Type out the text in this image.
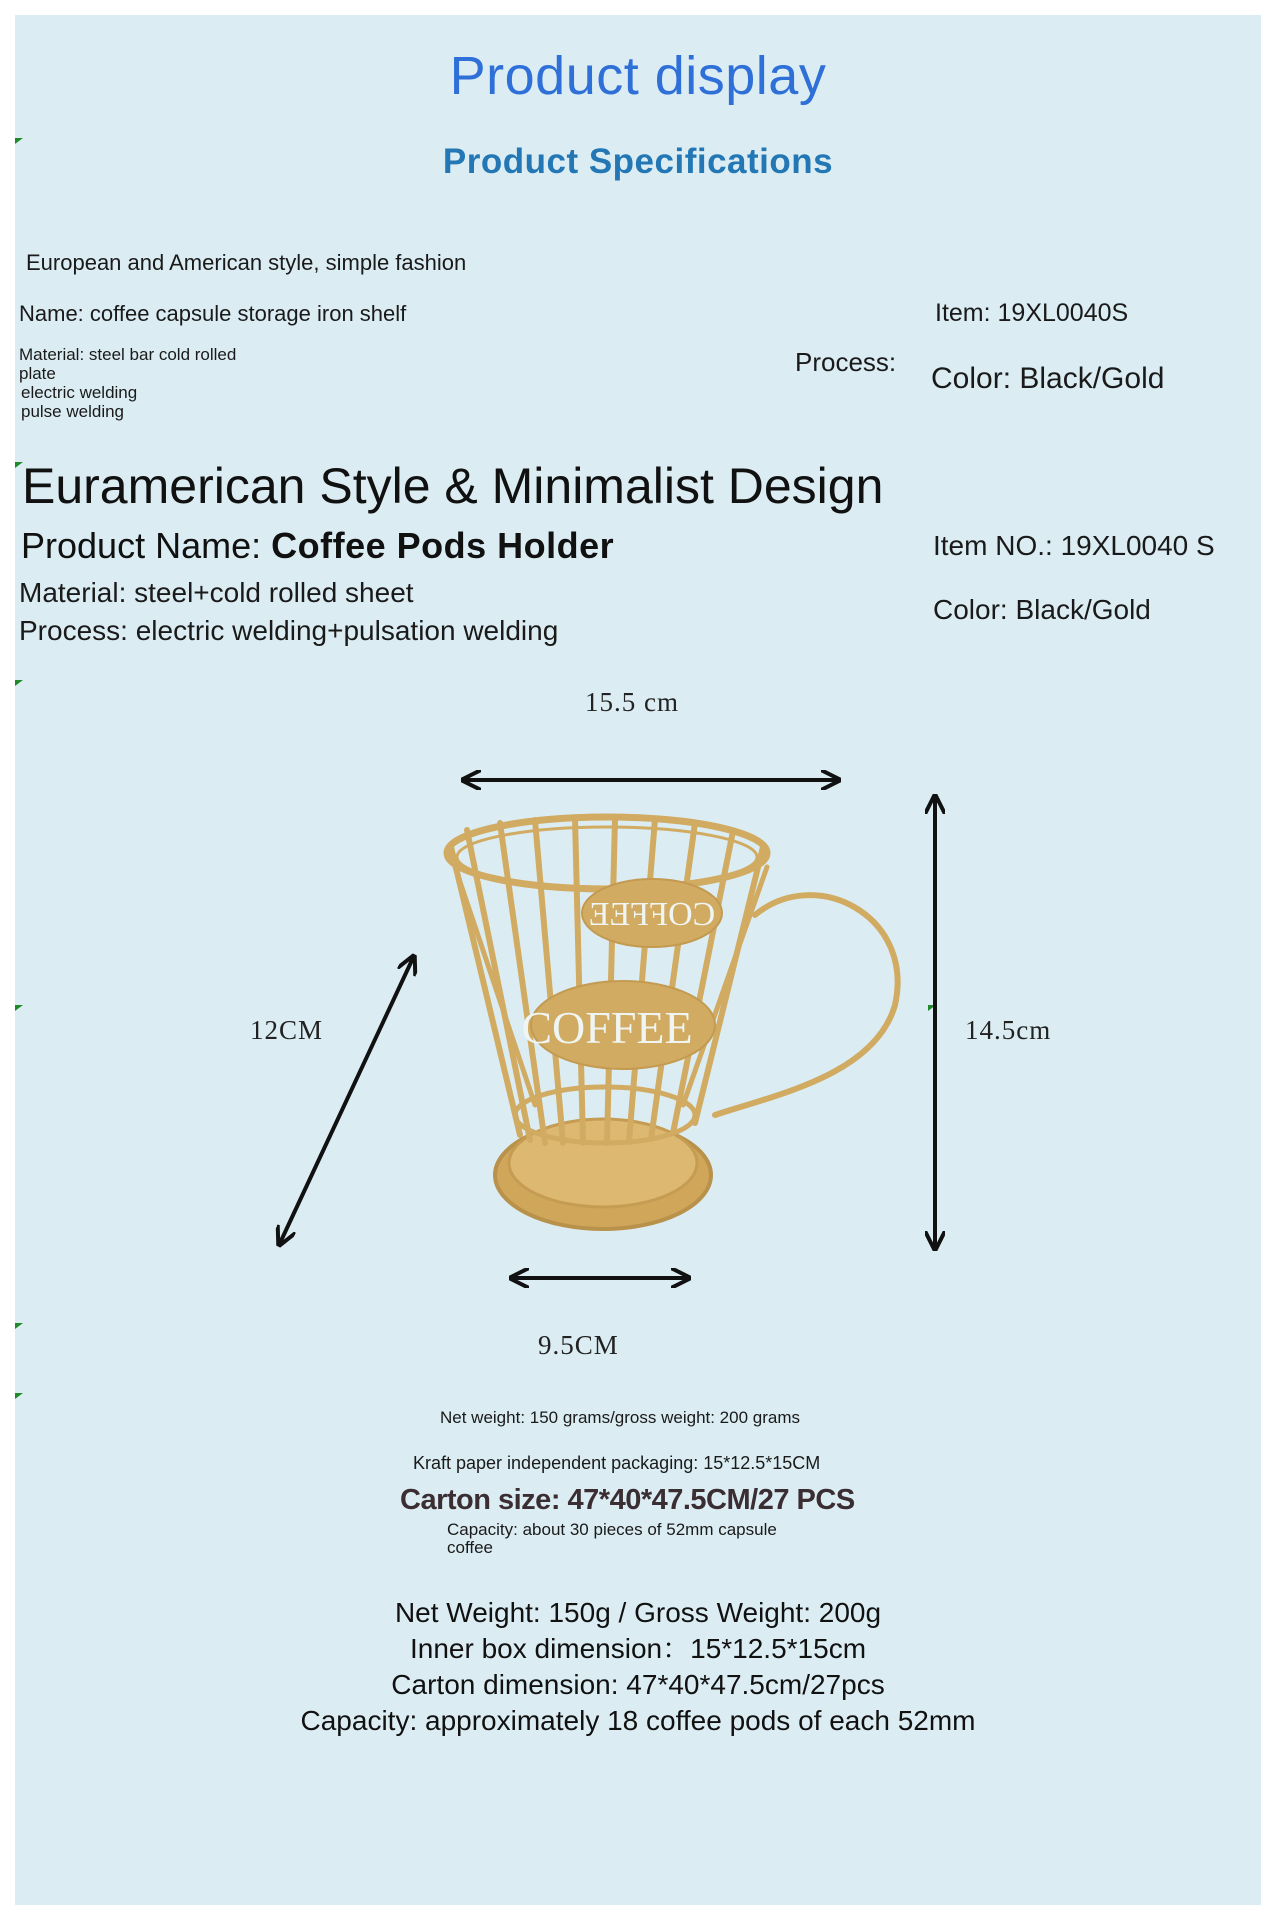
Product display
Product Specifications
European and American style, simple fashion
Name: coffee capsule storage iron shelf	Item: 19XL0040S
Material: steel bar cold rolled
plate
electric welding
pulse welding
Process: Color: Black/Gold
Euramerican Style & Minimalist Design
Product Name: Coffee Pods Holder	Item NO.: 19XL0040 S
Material: steel+cold rolled sheet
Color: Black/Gold
Process: electric welding+pulsation welding
15.5 cm
12CM	14.5cm
9.5CM
COFFEE
COFFEE
Net weight: 150 grams/gross weight: 200 grams
Kraft paper independent packaging: 15*12.5*15CM
Carton size: 47*40*47.5CM/27 PCS
Capacity: about 30 pieces of 52mm capsule coffee
Net Weight: 150g / Gross Weight: 200g
Inner box dimension：15*12.5*15cm
Carton dimension: 47*40*47.5cm/27pcs
Capacity: approximately 18 coffee pods of each 52mm
